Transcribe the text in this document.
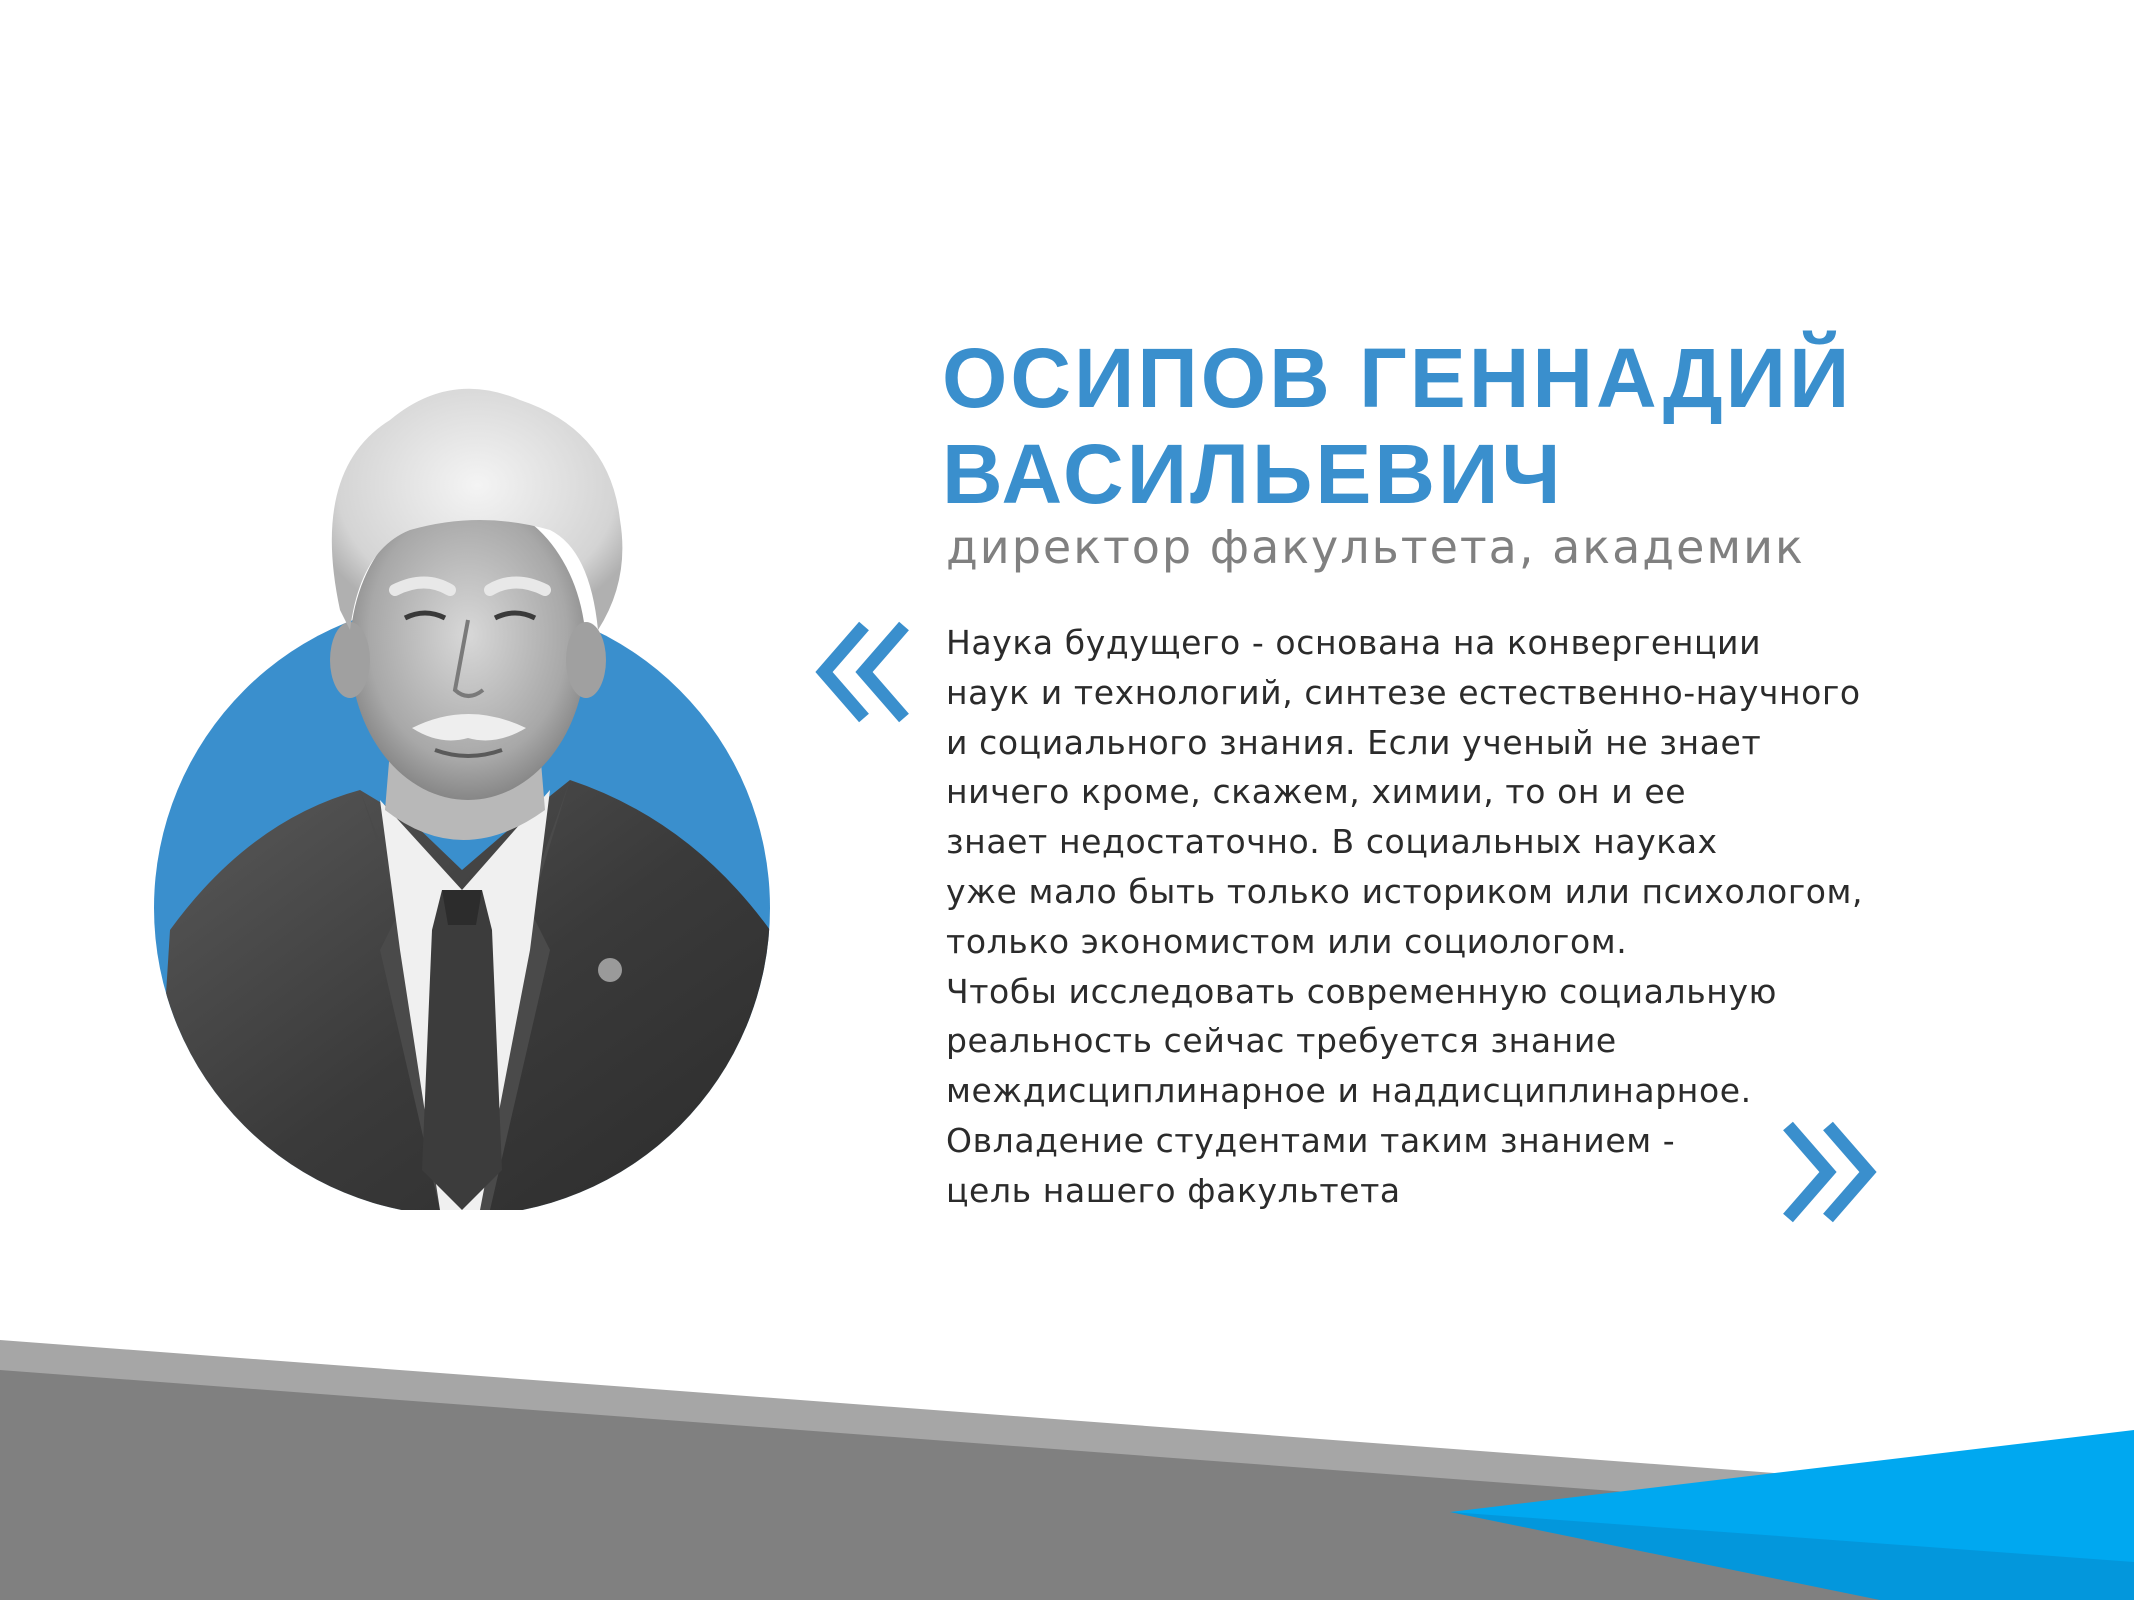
ОСИПОВ ГЕННАДИЙ
ВАСИЛЬЕВИЧ
директор факультета, академик
Наука будущего - основана на конвергенции
наук и технологий, синтезе естественно-научного
и социального знания. Если ученый не знает
ничего кроме, скажем, химии, то он и ее
знает недостаточно. В социальных науках
уже мало быть только историком или психологом,
только экономистом или социологом.
Чтобы исследовать современную социальную
реальность сейчас требуется знание
междисциплинарное и наддисциплинарное.
Овладение студентами таким знанием -
цель нашего факультета
